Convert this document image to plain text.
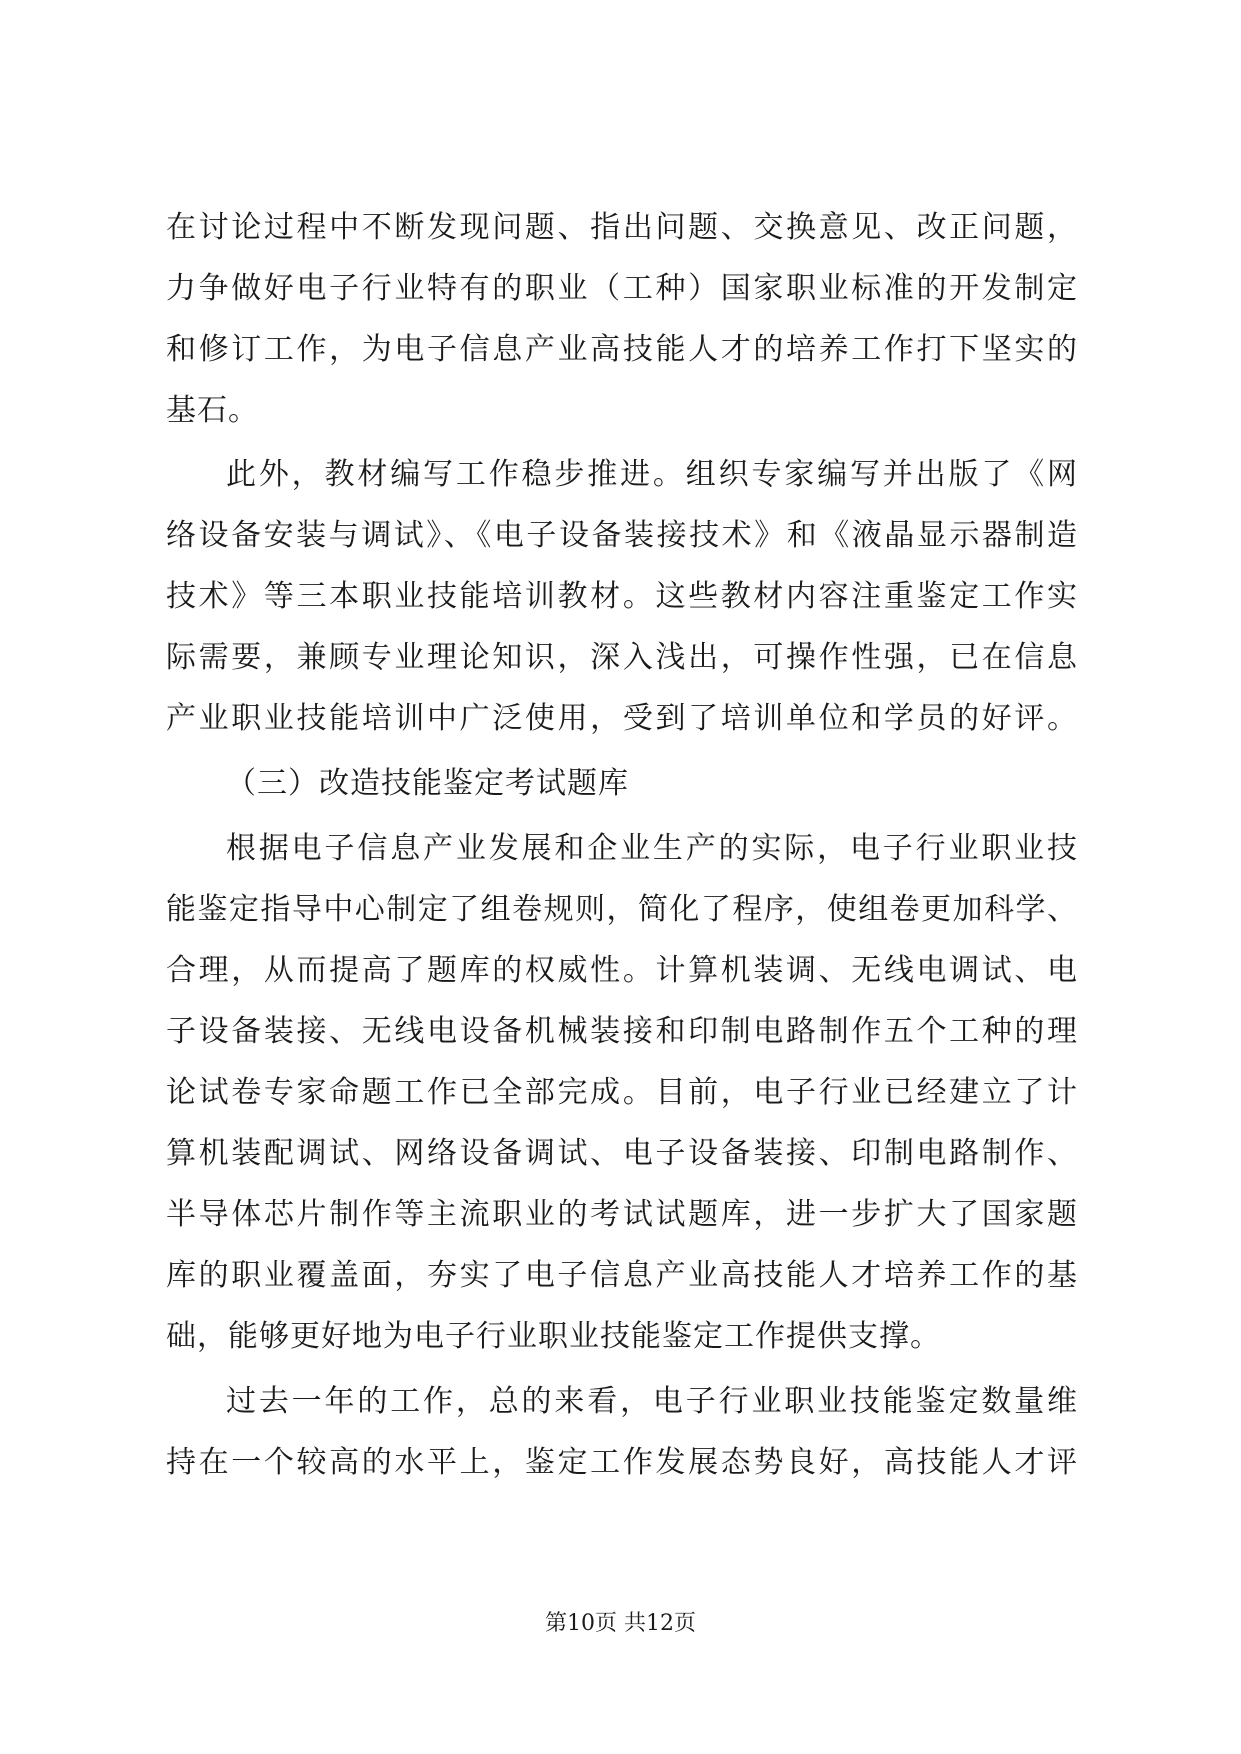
在讨论过程中不断发现问题、指出问题、交换意见、改正问题，
力争做好电子行业特有的职业（工种）国家职业标准的开发制定
和修订工作，为电子信息产业高技能人才的培养工作打下坚实的
基石。
此外，教材编写工作稳步推进。组织专家编写并出版了《网
络设备安装与调试》、《电子设备装接技术》和《液晶显示器制造
技术》等三本职业技能培训教材。这些教材内容注重鉴定工作实
际需要，兼顾专业理论知识，深入浅出，可操作性强，已在信息
产业职业技能培训中广泛使用，受到了培训单位和学员的好评。
（三）改造技能鉴定考试题库
根据电子信息产业发展和企业生产的实际，电子行业职业技
能鉴定指导中心制定了组卷规则，简化了程序，使组卷更加科学、
合理，从而提高了题库的权威性。计算机装调、无线电调试、电
子设备装接、无线电设备机械装接和印制电路制作五个工种的理
论试卷专家命题工作已全部完成。目前，电子行业已经建立了计
算机装配调试、网络设备调试、电子设备装接、印制电路制作、
半导体芯片制作等主流职业的考试试题库，进一步扩大了国家题
库的职业覆盖面，夯实了电子信息产业高技能人才培养工作的基
础，能够更好地为电子行业职业技能鉴定工作提供支撑。
过去一年的工作，总的来看，电子行业职业技能鉴定数量维
持在一个较高的水平上，鉴定工作发展态势良好，高技能人才评
第10页 共12页
